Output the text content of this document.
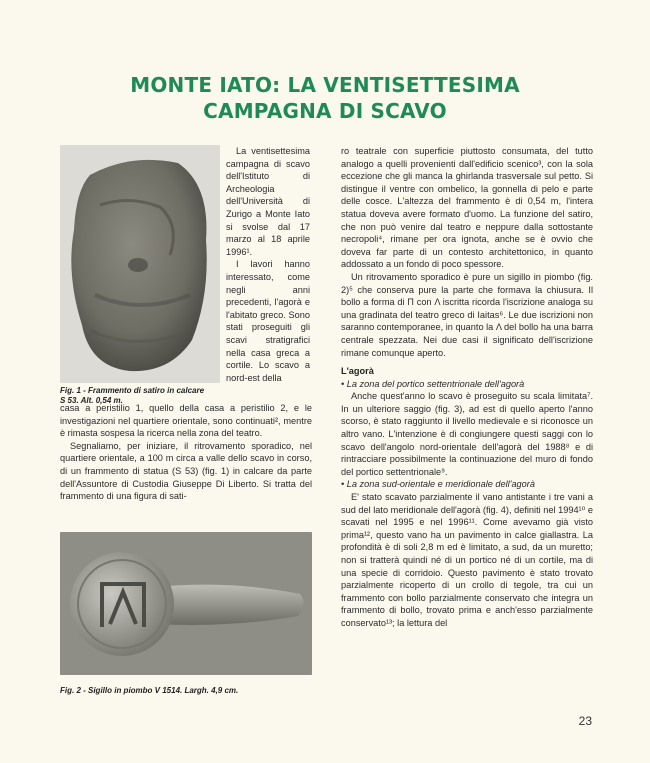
MONTE IATO: LA VENTISETTESIMA
CAMPAGNA DI SCAVO
Fig. 1 - Frammento di satiro in calcare
S 53. Alt. 0,54 m.

La ventisettesima campagna di scavo dell'Istituto di Archeologia dell'Università di Zurigo a Monte Iato si svolse dal 17 marzo al 18 aprile 1996¹.

I lavori hanno interessato, come negli anni precedenti, l'agorà e l'abitato greco. Sono stati proseguiti gli scavi stratigrafici nella casa greca a cortile. Lo scavo a nord-est della

casa a peristilio 1, quello della casa a peristilio 2, e le investigazioni nel quartiere orientale, sono continuati², mentre è rimasta sospesa la ricerca nella zona del teatro.

Segnaliamo, per iniziare, il ritrovamento sporadico, nel quartiere orientale, a 100 m circa a valle dello scavo in corso, di un frammento di statua (S 53) (fig. 1) in calcare da parte dell'Assuntore di Custodia Giuseppe Di Liberto. Si tratta del frammento di una figura di sati-

Fig. 2 - Sigillo in piombo V 1514. Largh. 4,9 cm.

ro teatrale con superficie piuttosto consumata, del tutto analogo a quelli provenienti dall'edificio scenico³, con la sola eccezione che gli manca la ghirlanda trasversale sul petto. Si distingue il ventre con ombelico, la gonnella di pelo e parte delle cosce. L'altezza del frammento è di 0,54 m, l'intera statua doveva avere formato d'uomo. La funzione del satiro, che non può venire dal teatro e neppure dalla sottostante necropoli⁴, rimane per ora ignota, anche se è ovvio che doveva far parte di un contesto architettonico, in quanto addossato a un fondo di poco spessore.

Un ritrovamento sporadico è pure un sigillo in piombo (fig. 2)⁵ che conserva pure la parte che formava la chiusura. Il bollo a forma di Π con Λ iscritta ricorda l'iscrizione analoga su una gradinata del teatro greco di Iaitas⁶. Le due iscrizioni non saranno contemporanee, in quanto la Λ del bollo ha una barra centrale spezzata. Nei due casi il significato dell'iscrizione rimane comunque aperto.

L'agorà

• La zona del portico settentrionale dell'agorà

Anche quest'anno lo scavo è proseguito su scala limitata⁷. In un ulteriore saggio (fig. 3), ad est di quello aperto l'anno scorso, è stato raggiunto il livello medievale e si riconosce un altro vano. L'intenzione è di congiungere questi saggi con lo scavo dell'angolo nord-orientale dell'agorà del 1988⁸ e di rintracciare possibilmente la continuazione del muro di fondo del portico settentrionale⁹.

• La zona sud-orientale e meridionale dell'agorà

E' stato scavato parzialmente il vano antistante i tre vani a sud del lato meridionale dell'agorà (fig. 4), definiti nel 1994¹⁰ e scavati nel 1995 e nel 1996¹¹. Come avevamo già visto prima¹², questo vano ha un pavimento in calce giallastra. La profondità è di soli 2,8 m ed è limitato, a sud, da un muretto; non si tratterà quindi né di un portico né di un cortile, ma di una specie di corridoio. Questo pavimento è stato trovato parzialmente ricoperto di un crollo di tegole, tra cui un frammento con bollo parzialmente conservato che integra un frammento di bollo, trovato prima e anch'esso parzialmente conservato¹³; la lettura del

23
